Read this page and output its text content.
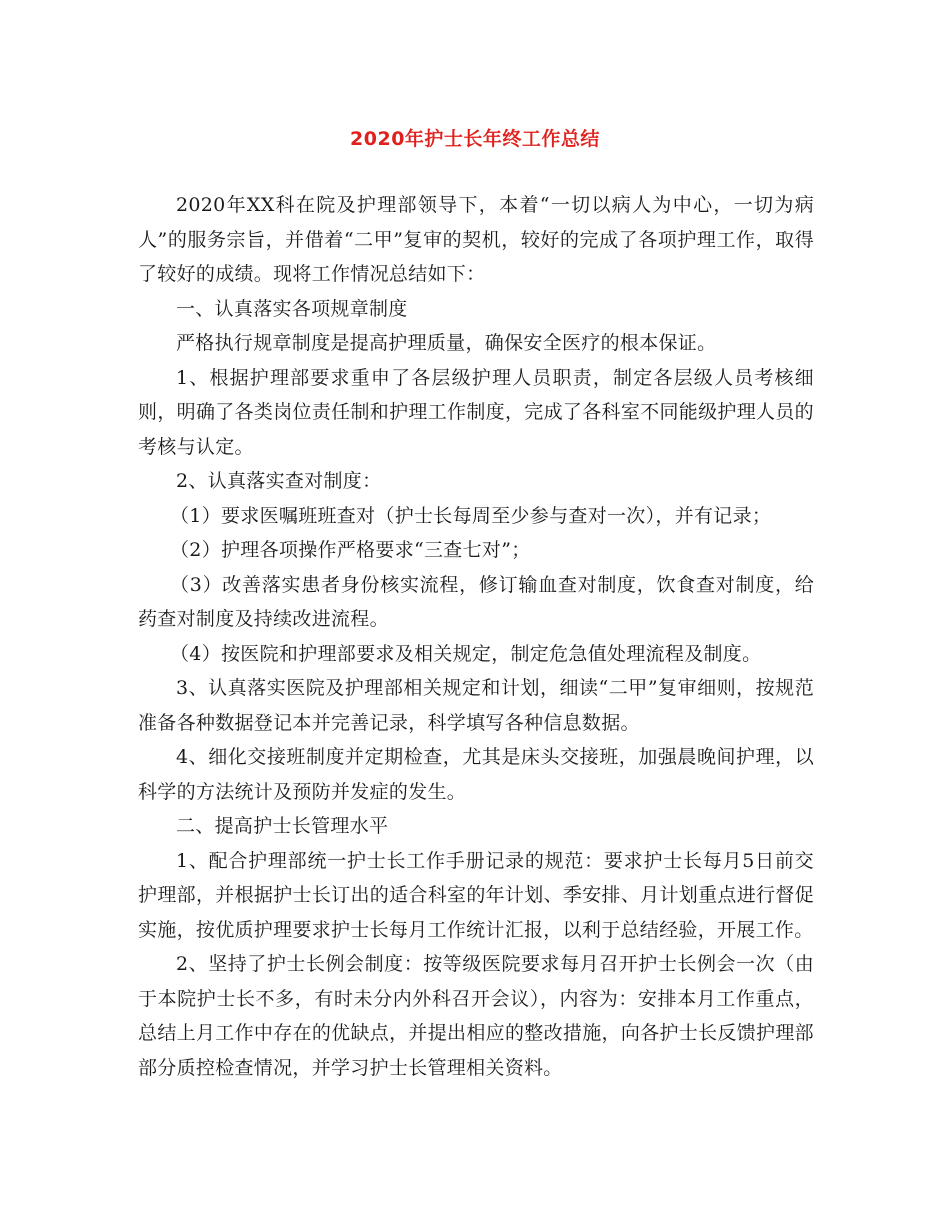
2020年护士长年终工作总结

2020年XX科在院及护理部领导下，本着“一切以病人为中心，一切为病人”的服务宗旨，并借着“二甲”复审的契机，较好的完成了各项护理工作，取得了较好的成绩。现将工作情况总结如下：

一、认真落实各项规章制度

严格执行规章制度是提高护理质量，确保安全医疗的根本保证。

1、根据护理部要求重申了各层级护理人员职责，制定各层级人员考核细则，明确了各类岗位责任制和护理工作制度，完成了各科室不同能级护理人员的考核与认定。

2、认真落实查对制度：

（1）要求医嘱班班查对（护士长每周至少参与查对一次），并有记录；

（2）护理各项操作严格要求“三查七对”；

（3）改善落实患者身份核实流程，修订输血查对制度，饮食查对制度，给药查对制度及持续改进流程。

（4）按医院和护理部要求及相关规定，制定危急值处理流程及制度。

3、认真落实医院及护理部相关规定和计划，细读“二甲”复审细则，按规范准备各种数据登记本并完善记录，科学填写各种信息数据。

4、细化交接班制度并定期检查，尤其是床头交接班，加强晨晚间护理，以科学的方法统计及预防并发症的发生。

二、提高护士长管理水平

1、配合护理部统一护士长工作手册记录的规范：要求护士长每月5日前交护理部，并根据护士长订出的适合科室的年计划、季安排、月计划重点进行督促实施，按优质护理要求护士长每月工作统计汇报，以利于总结经验，开展工作。

2、坚持了护士长例会制度：按等级医院要求每月召开护士长例会一次（由于本院护士长不多，有时未分内外科召开会议），内容为：安排本月工作重点，总结上月工作中存在的优缺点，并提出相应的整改措施，向各护士长反馈护理部部分质控检查情况，并学习护士长管理相关资料。
